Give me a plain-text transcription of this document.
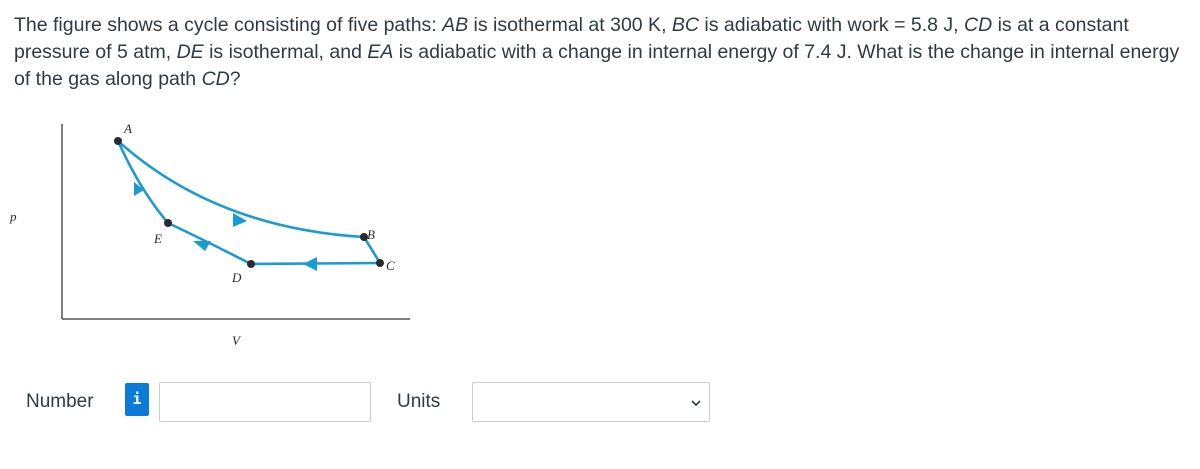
The figure shows a cycle consisting of five paths: AB is isothermal at 300 K, BC is adiabatic with work = 5.8 J, CD is at a constant pressure of 5 atm, DE is isothermal, and EA is adiabatic with a change in internal energy of 7.4 J. What is the change in internal energy of the gas along path CD?

A
B
C
D
E
p
V
Number	i	Units
